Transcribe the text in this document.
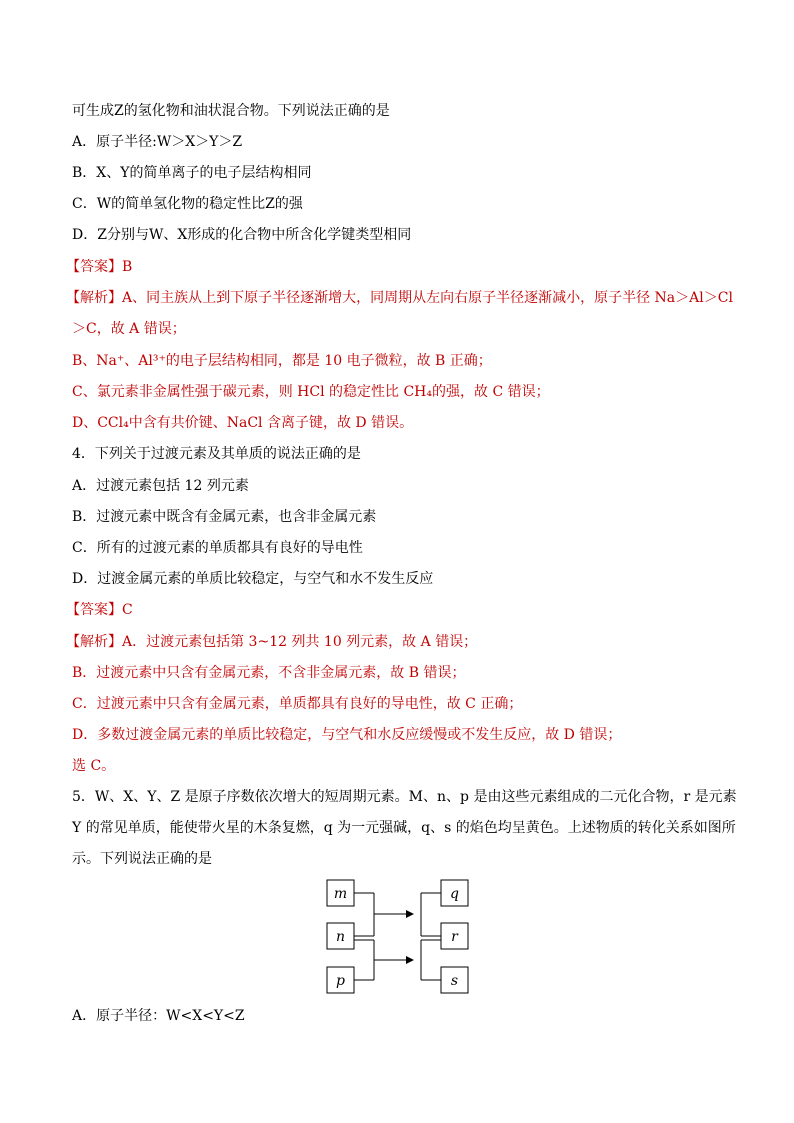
可生成Z的氢化物和油状混合物。下列说法正确的是
A．原子半径:W＞X＞Y＞Z
B．X、Y的简单离子的电子层结构相同
C．W的简单氢化物的稳定性比Z的强
D．Z分别与W、X形成的化合物中所含化学键类型相同
【答案】B
【解析】A、同主族从上到下原子半径逐渐增大，同周期从左向右原子半径逐渐减小，原子半径 Na＞Al＞Cl
＞C，故 A 错误；
B、Na⁺、Al³⁺的电子层结构相同，都是 10 电子微粒，故 B 正确；
C、氯元素非金属性强于碳元素，则 HCl 的稳定性比 CH₄的强，故 C 错误；
D、CCl₄中含有共价键、NaCl 含离子键，故 D 错误。
4．下列关于过渡元素及其单质的说法正确的是
A．过渡元素包括 12 列元素
B．过渡元素中既含有金属元素，也含非金属元素
C．所有的过渡元素的单质都具有良好的导电性
D．过渡金属元素的单质比较稳定，与空气和水不发生反应
【答案】C
【解析】A．过渡元素包括第 3~12 列共 10 列元素，故 A 错误；
B．过渡元素中只含有金属元素，不含非金属元素，故 B 错误；
C．过渡元素中只含有金属元素，单质都具有良好的导电性，故 C 正确；
D．多数过渡金属元素的单质比较稳定，与空气和水反应缓慢或不发生反应，故 D 错误；
选 C。
5．W、X、Y、Z 是原子序数依次增大的短周期元素。M、n、p 是由这些元素组成的二元化合物，r 是元素
Y 的常见单质，能使带火星的木条复燃，q 为一元强碱，q、s 的焰色均呈黄色。上述物质的转化关系如图所
示。下列说法正确的是
m
n
p
q
r
s
A．原子半径：W<X<Y<Z
